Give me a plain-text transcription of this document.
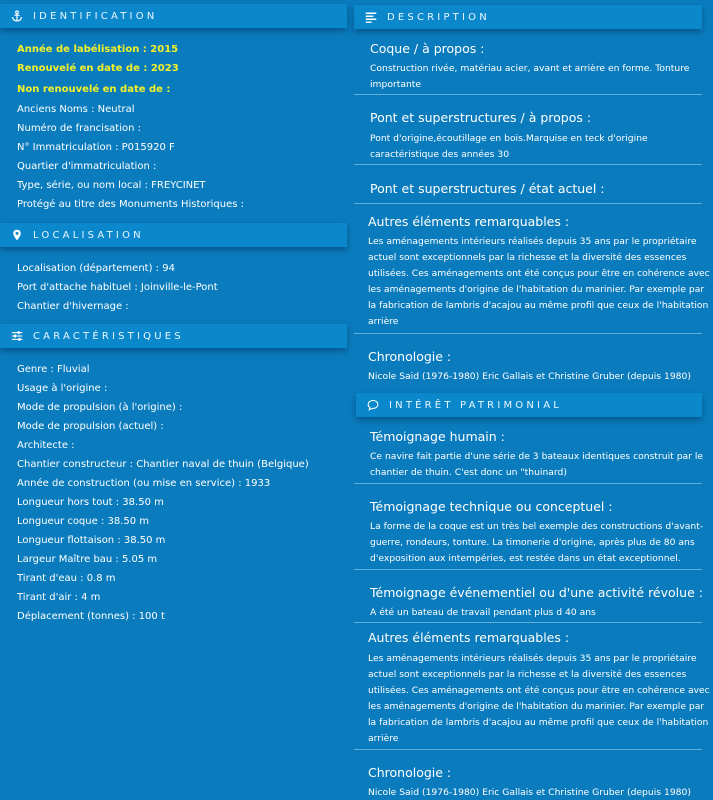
IDENTIFICATION
Année de labélisation : 2015
Renouvelé en date de : 2023
Non renouvelé en date de :
Anciens Noms : Neutral
Numéro de francisation :
N° Immatriculation : P015920 F
Quartier d'immatriculation :
Type, série, ou nom local : FREYCINET
Protégé au titre des Monuments Historiques :
LOCALISATION
Localisation (département) : 94
Port d'attache habituel : Joinville-le-Pont
Chantier d'hivernage :
CARACTÉRISTIQUES
Genre : Fluvial
Usage à l'origine :
Mode de propulsion (à l'origine) :
Mode de propulsion (actuel) :
Architecte :
Chantier constructeur : Chantier naval de thuin (Belgique)
Année de construction (ou mise en service) : 1933
Longueur hors tout : 38.50 m
Longueur coque : 38.50 m
Longueur flottaison : 38.50 m
Largeur Maître bau : 5.05 m
Tirant d'eau : 0.8 m
Tirant d'air : 4 m
Déplacement (tonnes) : 100 t
DESCRIPTION
Coque / à propos :
Construction rivée, matériau acier, avant et arrière en forme. Tonture
importante
Pont et superstructures / à propos :
Pont d'origine,écoutillage en bois.Marquise en teck d'origine
caractéristique des années 30
Pont et superstructures / état actuel :
Autres éléments remarquables :
Les aménagements intérieurs réalisés depuis 35 ans par le propriétaire
actuel sont exceptionnels par la richesse et la diversité des essences
utilisées. Ces aménagements ont été conçus pour être en cohérence avec
les aménagements d'origine de l'habitation du marinier. Par exemple par
la fabrication de lambris d'acajou au même profil que ceux de l'habitation
arrière
Chronologie :
Nicole Said (1976-1980) Eric Gallais et Christine Gruber (depuis 1980)
INTÉRÊT PATRIMONIAL
Témoignage humain :
Ce navire fait partie d'une série de 3 bateaux identiques construit par le
chantier de thuin. C'est donc un "thuinard)
Témoignage technique ou conceptuel :
La forme de la coque est un très bel exemple des constructions d'avant-
guerre, rondeurs, tonture. La timonerie d'origine, après plus de 80 ans
d'exposition aux intempéries, est restée dans un état exceptionnel.
Témoignage événementiel ou d'une activité révolue :
A été un bateau de travail pendant plus d 40 ans
Autres éléments remarquables :
Les aménagements intérieurs réalisés depuis 35 ans par le propriétaire
actuel sont exceptionnels par la richesse et la diversité des essences
utilisées. Ces aménagements ont été conçus pour être en cohérence avec
les aménagements d'origine de l'habitation du marinier. Par exemple par
la fabrication de lambris d'acajou au même profil que ceux de l'habitation
arrière
Chronologie :
Nicole Said (1976-1980) Eric Gallais et Christine Gruber (depuis 1980)
